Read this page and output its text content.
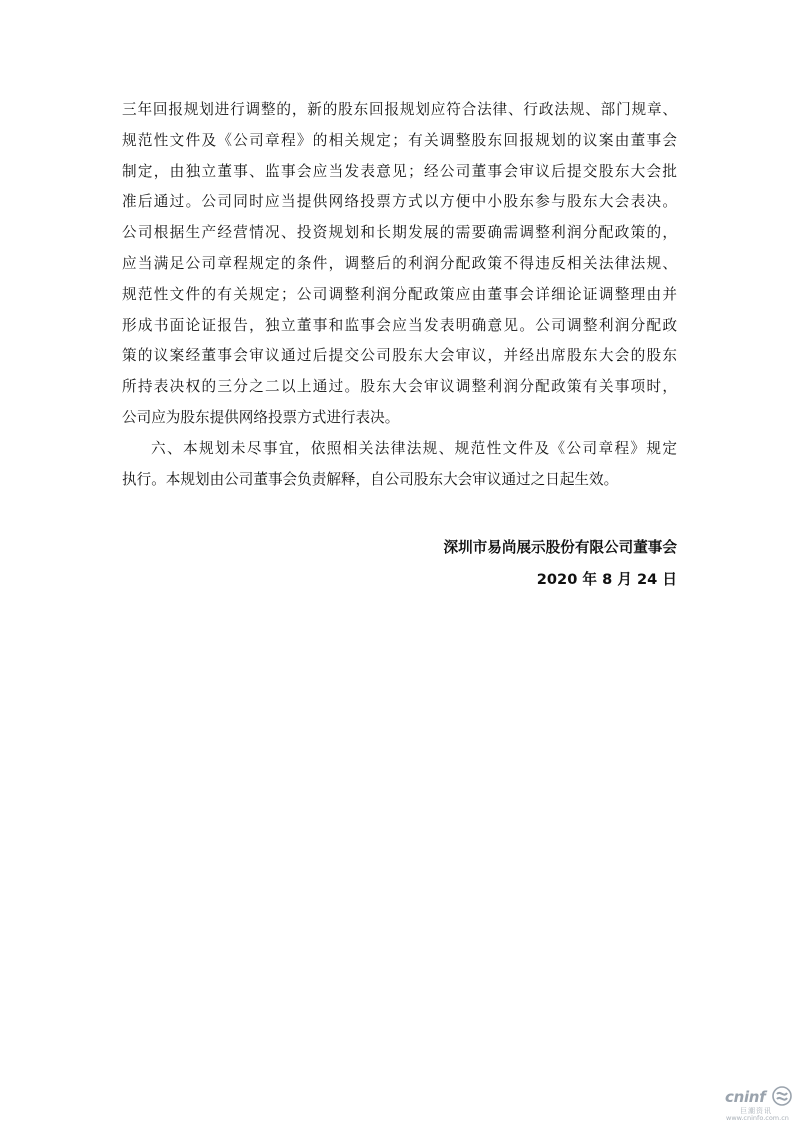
三年回报规划进行调整的，新的股东回报规划应符合法律、行政法规、部门规章、
规范性文件及《公司章程》的相关规定；有关调整股东回报规划的议案由董事会
制定，由独立董事、监事会应当发表意见；经公司董事会审议后提交股东大会批
准后通过。公司同时应当提供网络投票方式以方便中小股东参与股东大会表决。
公司根据生产经营情况、投资规划和长期发展的需要确需调整利润分配政策的，
应当满足公司章程规定的条件，调整后的利润分配政策不得违反相关法律法规、
规范性文件的有关规定；公司调整利润分配政策应由董事会详细论证调整理由并
形成书面论证报告，独立董事和监事会应当发表明确意见。公司调整利润分配政
策的议案经董事会审议通过后提交公司股东大会审议，并经出席股东大会的股东
所持表决权的三分之二以上通过。股东大会审议调整利润分配政策有关事项时，
公司应为股东提供网络投票方式进行表决。
六、本规划未尽事宜，依照相关法律法规、规范性文件及《公司章程》规定
执行。本规划由公司董事会负责解释，自公司股东大会审议通过之日起生效。
深圳市易尚展示股份有限公司董事会
2020 年 8 月 24 日
cninf
巨潮资讯
www.cninfo.com.cn
